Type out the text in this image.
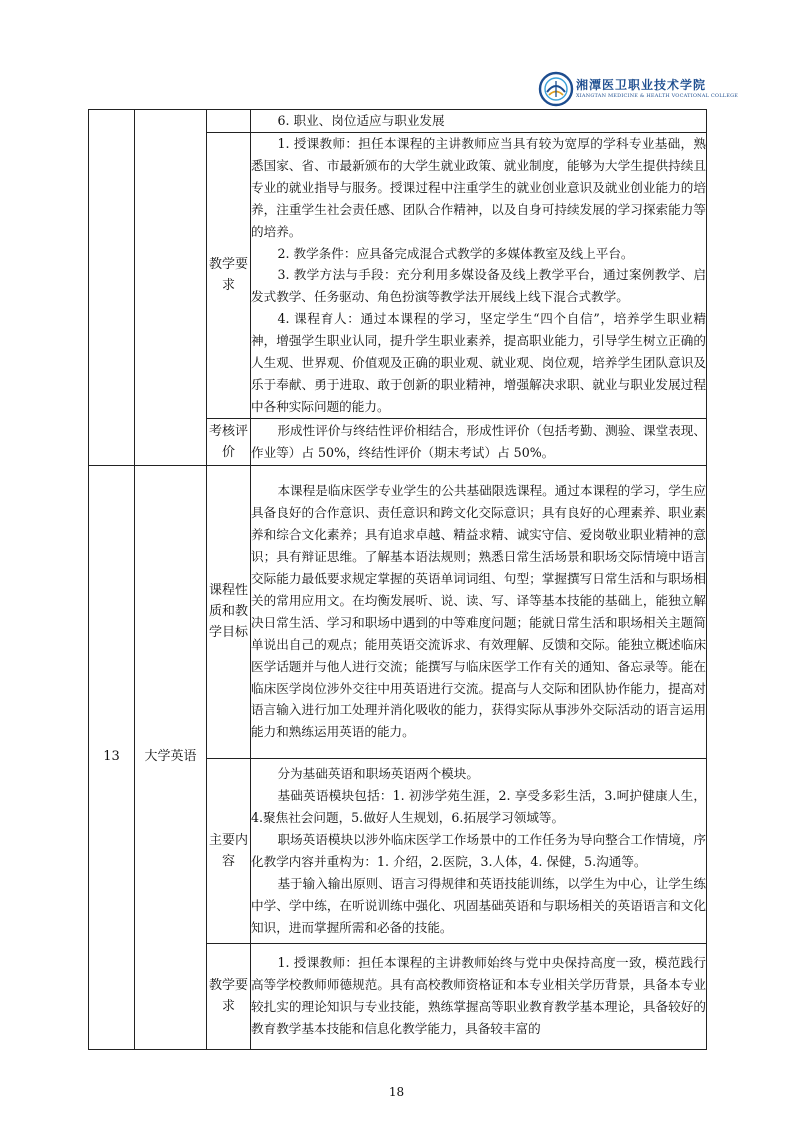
湘潭医卫职业技术学院
XIANGTAN MEDICINE & HEALTH VOCATIONAL COLLEGE

			6. 职业、岗位适应与职业发展

		教学要求	1. 授课教师：担任本课程的主讲教师应当具有较为宽厚的学科专业基础，熟悉国家、省、市最新颁布的大学生就业政策、就业制度，能够为大学生提供持续且专业的就业指导与服务。授课过程中注重学生的就业创业意识及就业创业能力的培养，注重学生社会责任感、团队合作精神，以及自身可持续发展的学习探索能力等的培养。

2. 教学条件：应具备完成混合式教学的多媒体教室及线上平台。

3. 教学方法与手段：充分利用多媒设备及线上教学平台，通过案例教学、启发式教学、任务驱动、角色扮演等教学法开展线上线下混合式教学。

4. 课程育人：通过本课程的学习，坚定学生“四个自信”，培养学生职业精神，增强学生职业认同，提升学生职业素养，提高职业能力，引导学生树立正确的人生观、世界观、价值观及正确的职业观、就业观、岗位观，培养学生团队意识及乐于奉献、勇于进取、敢于创新的职业精神，增强解决求职、就业与职业发展过程中各种实际问题的能力。

		考核评价	形成性评价与终结性评价相结合，形成性评价（包括考勤、测验、课堂表现、作业等）占 50%，终结性评价（期末考试）占 50%。

13	大学英语	课程性质和教学目标	本课程是临床医学专业学生的公共基础限选课程。通过本课程的学习，学生应具备良好的合作意识、责任意识和跨文化交际意识；具有良好的心理素养、职业素养和综合文化素养；具有追求卓越、精益求精、诚实守信、爱岗敬业职业精神的意识；具有辩证思维。了解基本语法规则；熟悉日常生活场景和职场交际情境中语言交际能力最低要求规定掌握的英语单词词组、句型；掌握撰写日常生活和与职场相关的常用应用文。在均衡发展听、说、读、写、译等基本技能的基础上，能独立解决日常生活、学习和职场中遇到的中等难度问题；能就日常生活和职场相关主题简单说出自己的观点；能用英语交流诉求、有效理解、反馈和交际。能独立概述临床医学话题并与他人进行交流；能撰写与临床医学工作有关的通知、备忘录等。能在临床医学岗位涉外交往中用英语进行交流。提高与人交际和团队协作能力，提高对语言输入进行加工处理并消化吸收的能力，获得实际从事涉外交际活动的语言运用能力和熟练运用英语的能力。

		主要内容	分为基础英语和职场英语两个模块。

基础英语模块包括：1. 初涉学苑生涯，2. 享受多彩生活，3.呵护健康人生，4.聚焦社会问题，5.做好人生规划，6.拓展学习领域等。

职场英语模块以涉外临床医学工作场景中的工作任务为导向整合工作情境，序化教学内容并重构为：1. 介绍，2.医院，3.人体，4. 保健，5.沟通等。

基于输入输出原则、语言习得规律和英语技能训练，以学生为中心，让学生练中学、学中练，在听说训练中强化、巩固基础英语和与职场相关的英语语言和文化知识，进而掌握所需和必备的技能。

		教学要求	1. 授课教师：担任本课程的主讲教师始终与党中央保持高度一致，模范践行高等学校教师师德规范。具有高校教师资格证和本专业相关学历背景，具备本专业较扎实的理论知识与专业技能，熟练掌握高等职业教育教学基本理论，具备较好的教育教学基本技能和信息化教学能力，具备较丰富的

18
